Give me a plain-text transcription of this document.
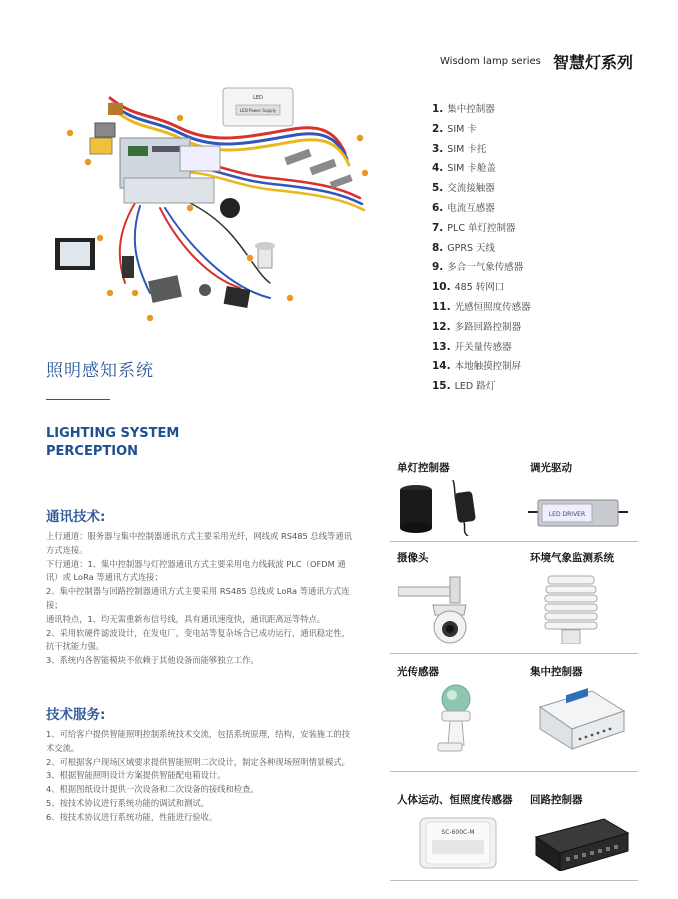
Wisdom lamp series 智慧灯系列
LED
LED Power Supply	1. 集中控制器
2. SIM 卡
3. SIM 卡托
4. SIM 卡舱盖
5. 交流接触器
6. 电流互感器
7. PLC 单灯控制器
8. GPRS 天线
9. 多合一气象传感器
10. 485 转网口
11. 光感恒照度传感器
12. 多路回路控制器
13. 开关量传感器
14. 本地触摸控制屏
15. LED 路灯
照明感知系统
LIGHTING SYSTEM
PERCEPTION
通讯技术:

上行通道：服务器与集中控制器通讯方式主要采用光纤，网线或 RS485 总线等通讯方式连接。

下行通道：1、集中控制器与灯控器通讯方式主要采用电力线载波 PLC（OFDM 通讯）或 LoRa 等通讯方式连接；

2、集中控制器与回路控制器通讯方式主要采用 RS485 总线或 LoRa 等通讯方式连接；

通讯特点，1、均无需重新布信号线，具有通讯速度快，通讯距离远等特点。

2、采用软硬件滤波设计，在发电厂，变电站等复杂场合已成功运行，通讯稳定性，抗干扰能力强。

3、系统内各智能模块不依赖于其他设备而能够独立工作。

技术服务:

1、可给客户提供智能照明控制系统技术交流，包括系统原理，结构，安装施工的技术交流。

2、可根据客户现场区域要求提供智能照明二次设计，制定各种现场照明情景模式。

3、根据智能照明设计方案提供智能配电箱设计。

4、根据图纸设计提供一次设备和二次设备的接线和检查。

5、按技术协议进行系统功能的调试和测试。

6、按技术协议进行系统功能，性能进行验收。

单灯控制器	调光驱动
LED DRIVER
摄像头	环境气象监测系统
光传感器	集中控制器
人体运动、恒照度传感器 回路控制器
SC-600C-M
